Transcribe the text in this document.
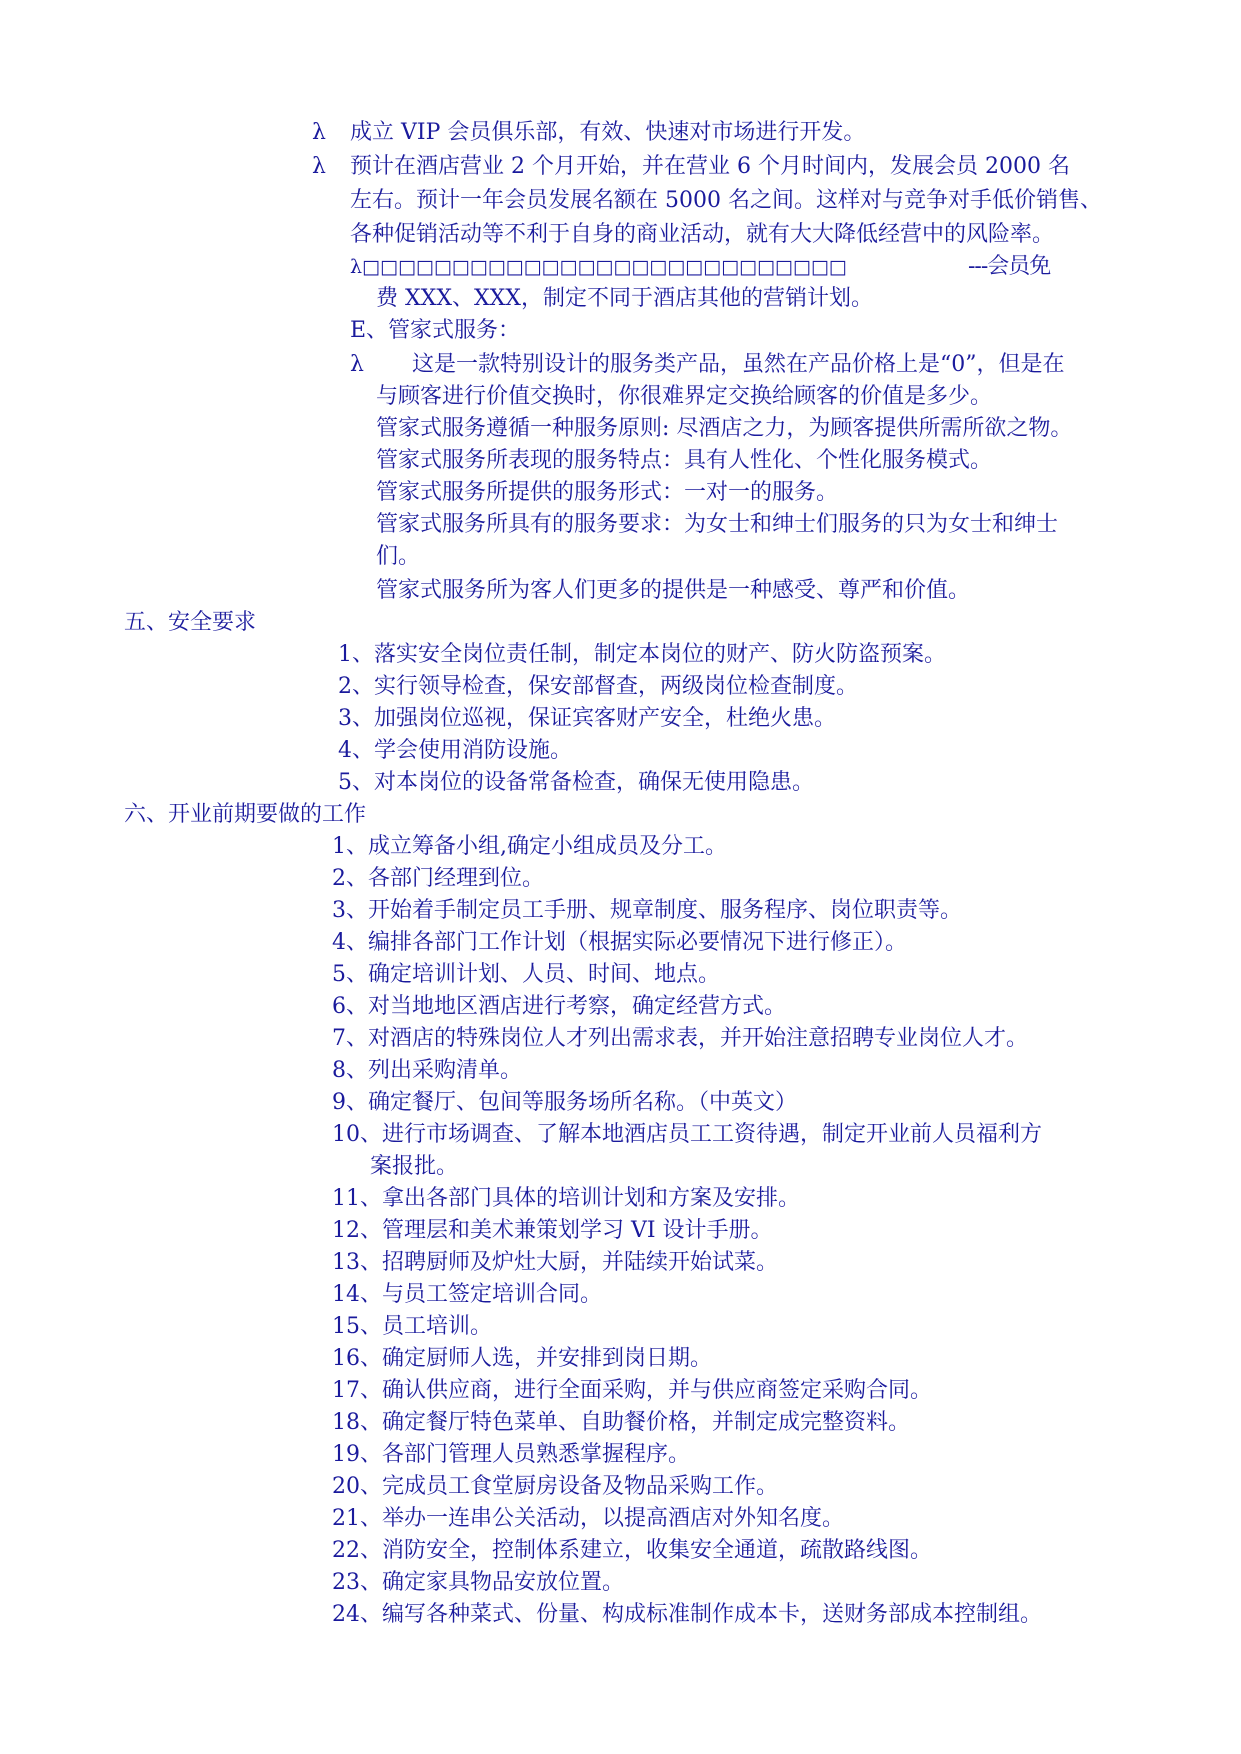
λ 成立 VIP 会员俱乐部，有效、快速对市场进行开发。
λ 预计在酒店营业 2 个月开始，并在营业 6 个月时间内，发展会员 2000 名
左右。预计一年会员发展名额在 5000 名之间。这样对与竞争对手低价销售、
各种促销活动等不利于自身的商业活动，就有大大降低经营中的风险率。
λ□□□□□□□□□□□□□□□□□□□□□□□□□□□	---会员免
费 XXX、XXX，制定不同于酒店其他的营销计划。
E、管家式服务：
λ 这是一款特别设计的服务类产品，虽然在产品价格上是“0”，但是在
与顾客进行价值交换时，你很难界定交换给顾客的价值是多少。
管家式服务遵循一种服务原则: 尽酒店之力，为顾客提供所需所欲之物。
管家式服务所表现的服务特点：具有人性化、个性化服务模式。
管家式服务所提供的服务形式：一对一的服务。
管家式服务所具有的服务要求：为女士和绅士们服务的只为女士和绅士
们。
管家式服务所为客人们更多的提供是一种感受、尊严和价值。
五、安全要求
1、落实安全岗位责任制，制定本岗位的财产、防火防盗预案。
2、实行领导检查，保安部督查，两级岗位检查制度。
3、加强岗位巡视，保证宾客财产安全，杜绝火患。
4、学会使用消防设施。
5、对本岗位的设备常备检查，确保无使用隐患。
六、开业前期要做的工作
1、成立筹备小组,确定小组成员及分工。
2、各部门经理到位。
3、开始着手制定员工手册、规章制度、服务程序、岗位职责等。
4、编排各部门工作计划（根据实际必要情况下进行修正）。
5、确定培训计划、人员、时间、地点。
6、对当地地区酒店进行考察，确定经营方式。
7、对酒店的特殊岗位人才列出需求表，并开始注意招聘专业岗位人才。
8、列出采购清单。
9、确定餐厅、包间等服务场所名称。（中英文）
10、进行市场调查、了解本地酒店员工工资待遇，制定开业前人员福利方
案报批。
11、拿出各部门具体的培训计划和方案及安排。
12、管理层和美术兼策划学习 VI 设计手册。
13、招聘厨师及炉灶大厨，并陆续开始试菜。
14、与员工签定培训合同。
15、员工培训。
16、确定厨师人选，并安排到岗日期。
17、确认供应商，进行全面采购，并与供应商签定采购合同。
18、确定餐厅特色菜单、自助餐价格，并制定成完整资料。
19、各部门管理人员熟悉掌握程序。
20、完成员工食堂厨房设备及物品采购工作。
21、举办一连串公关活动，以提高酒店对外知名度。
22、消防安全，控制体系建立，收集安全通道，疏散路线图。
23、确定家具物品安放位置。
24、编写各种菜式、份量、构成标准制作成本卡，送财务部成本控制组。
